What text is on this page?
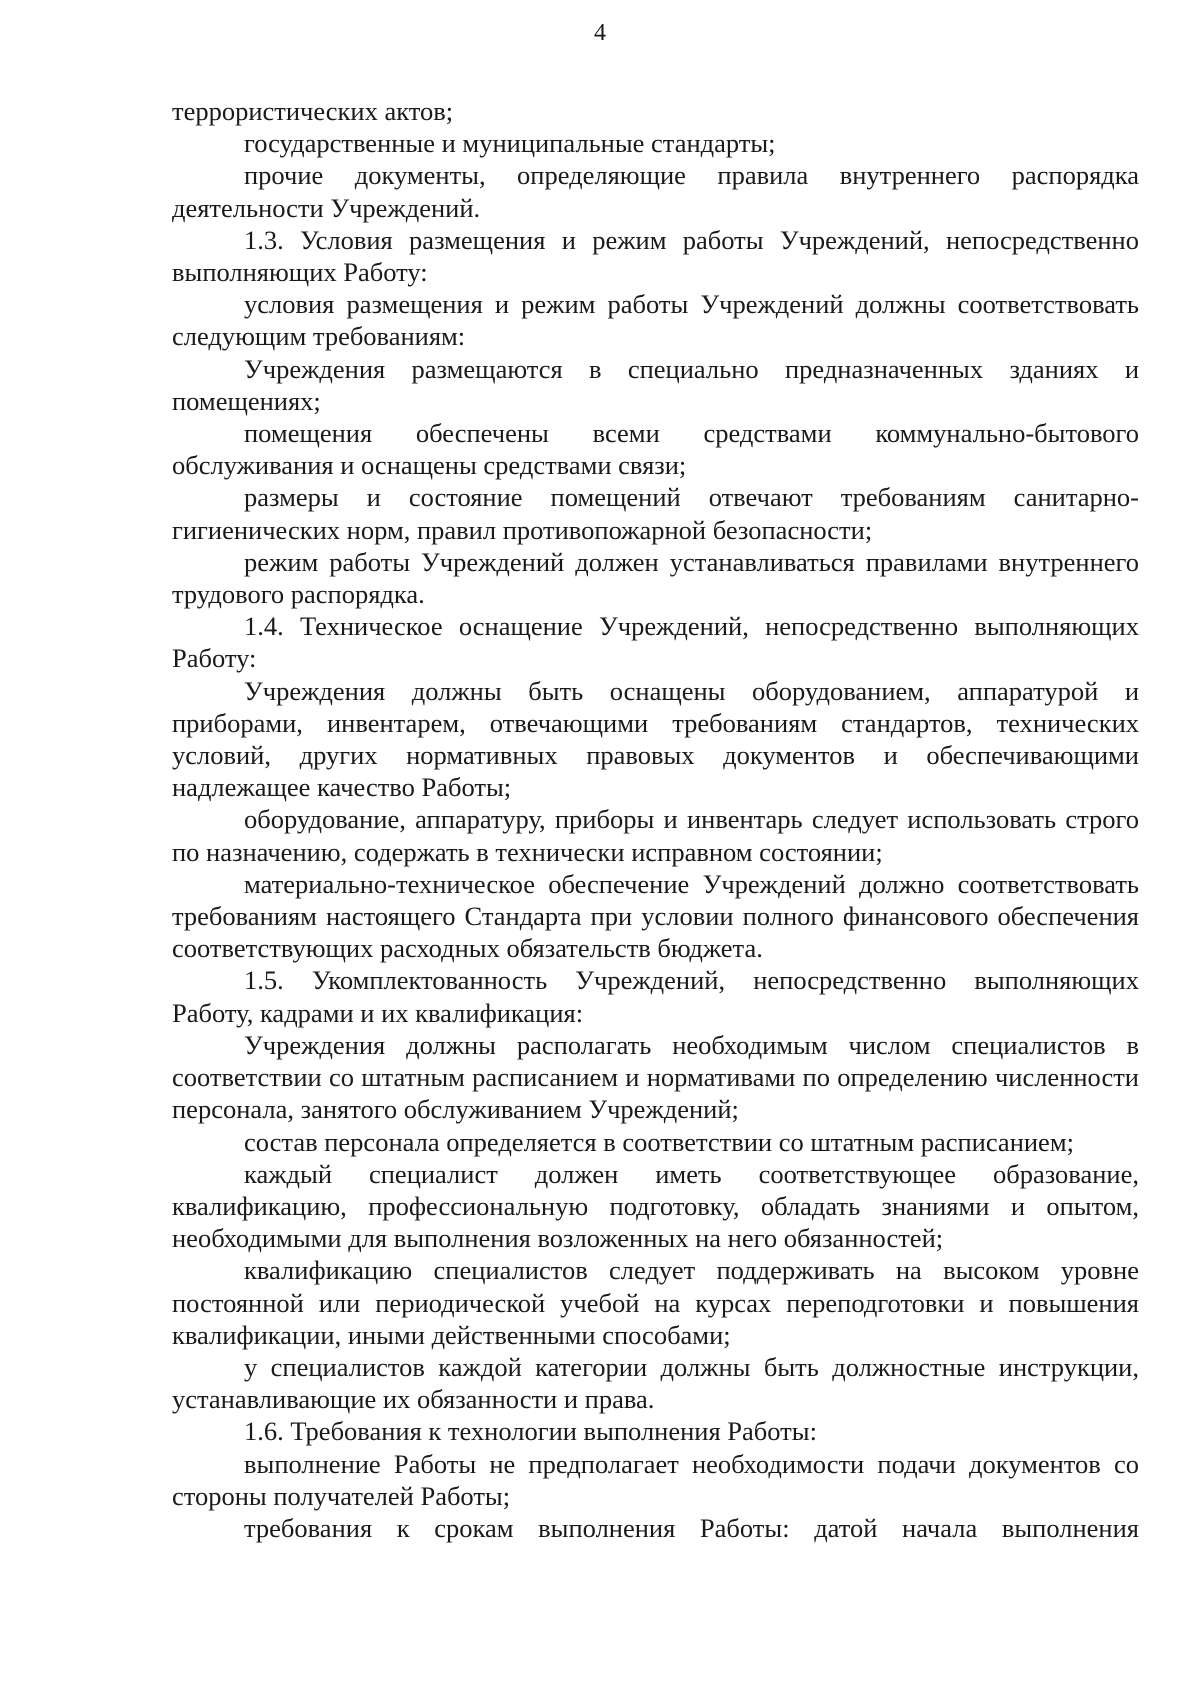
4

террористических актов;

государственные и муниципальные стандарты;

прочие документы, определяющие правила внутреннего распорядка деятельности Учреждений.

1.3. Условия размещения и режим работы Учреждений, непосредственно выполняющих Работу:

условия размещения и режим работы Учреждений должны соответствовать следующим требованиям:

Учреждения размещаются в специально предназначенных зданиях и помещениях;

помещения обеспечены всеми средствами коммунально-бытового обслуживания и оснащены средствами связи;

размеры и состояние помещений отвечают требованиям санитарно-гигиенических норм, правил противопожарной безопасности;

режим работы Учреждений должен устанавливаться правилами внутреннего трудового распорядка.

1.4. Техническое оснащение Учреждений, непосредственно выполняющих Работу:

Учреждения должны быть оснащены оборудованием, аппаратурой и приборами, инвентарем, отвечающими требованиям стандартов, технических условий, других нормативных правовых документов и обеспечивающими надлежащее качество Работы;

оборудование, аппаратуру, приборы и инвентарь следует использовать строго по назначению, содержать в технически исправном состоянии;

материально-техническое обеспечение Учреждений должно соответствовать требованиям настоящего Стандарта при условии полного финансового обеспечения соответствующих расходных обязательств бюджета.

1.5. Укомплектованность Учреждений, непосредственно выполняющих Работу, кадрами и их квалификация:

Учреждения должны располагать необходимым числом специалистов в соответствии со штатным расписанием и нормативами по определению численности персонала, занятого обслуживанием Учреждений;

состав персонала определяется в соответствии со штатным расписанием;

каждый специалист должен иметь соответствующее образование, квалификацию, профессиональную подготовку, обладать знаниями и опытом, необходимыми для выполнения возложенных на него обязанностей;

квалификацию специалистов следует поддерживать на высоком уровне постоянной или периодической учебой на курсах переподготовки и повышения квалификации, иными действенными способами;

у специалистов каждой категории должны быть должностные инструкции, устанавливающие их обязанности и права.

1.6. Требования к технологии выполнения Работы:

выполнение Работы не предполагает необходимости подачи документов со стороны получателей Работы;

требования к срокам выполнения Работы: датой начала выполнения
